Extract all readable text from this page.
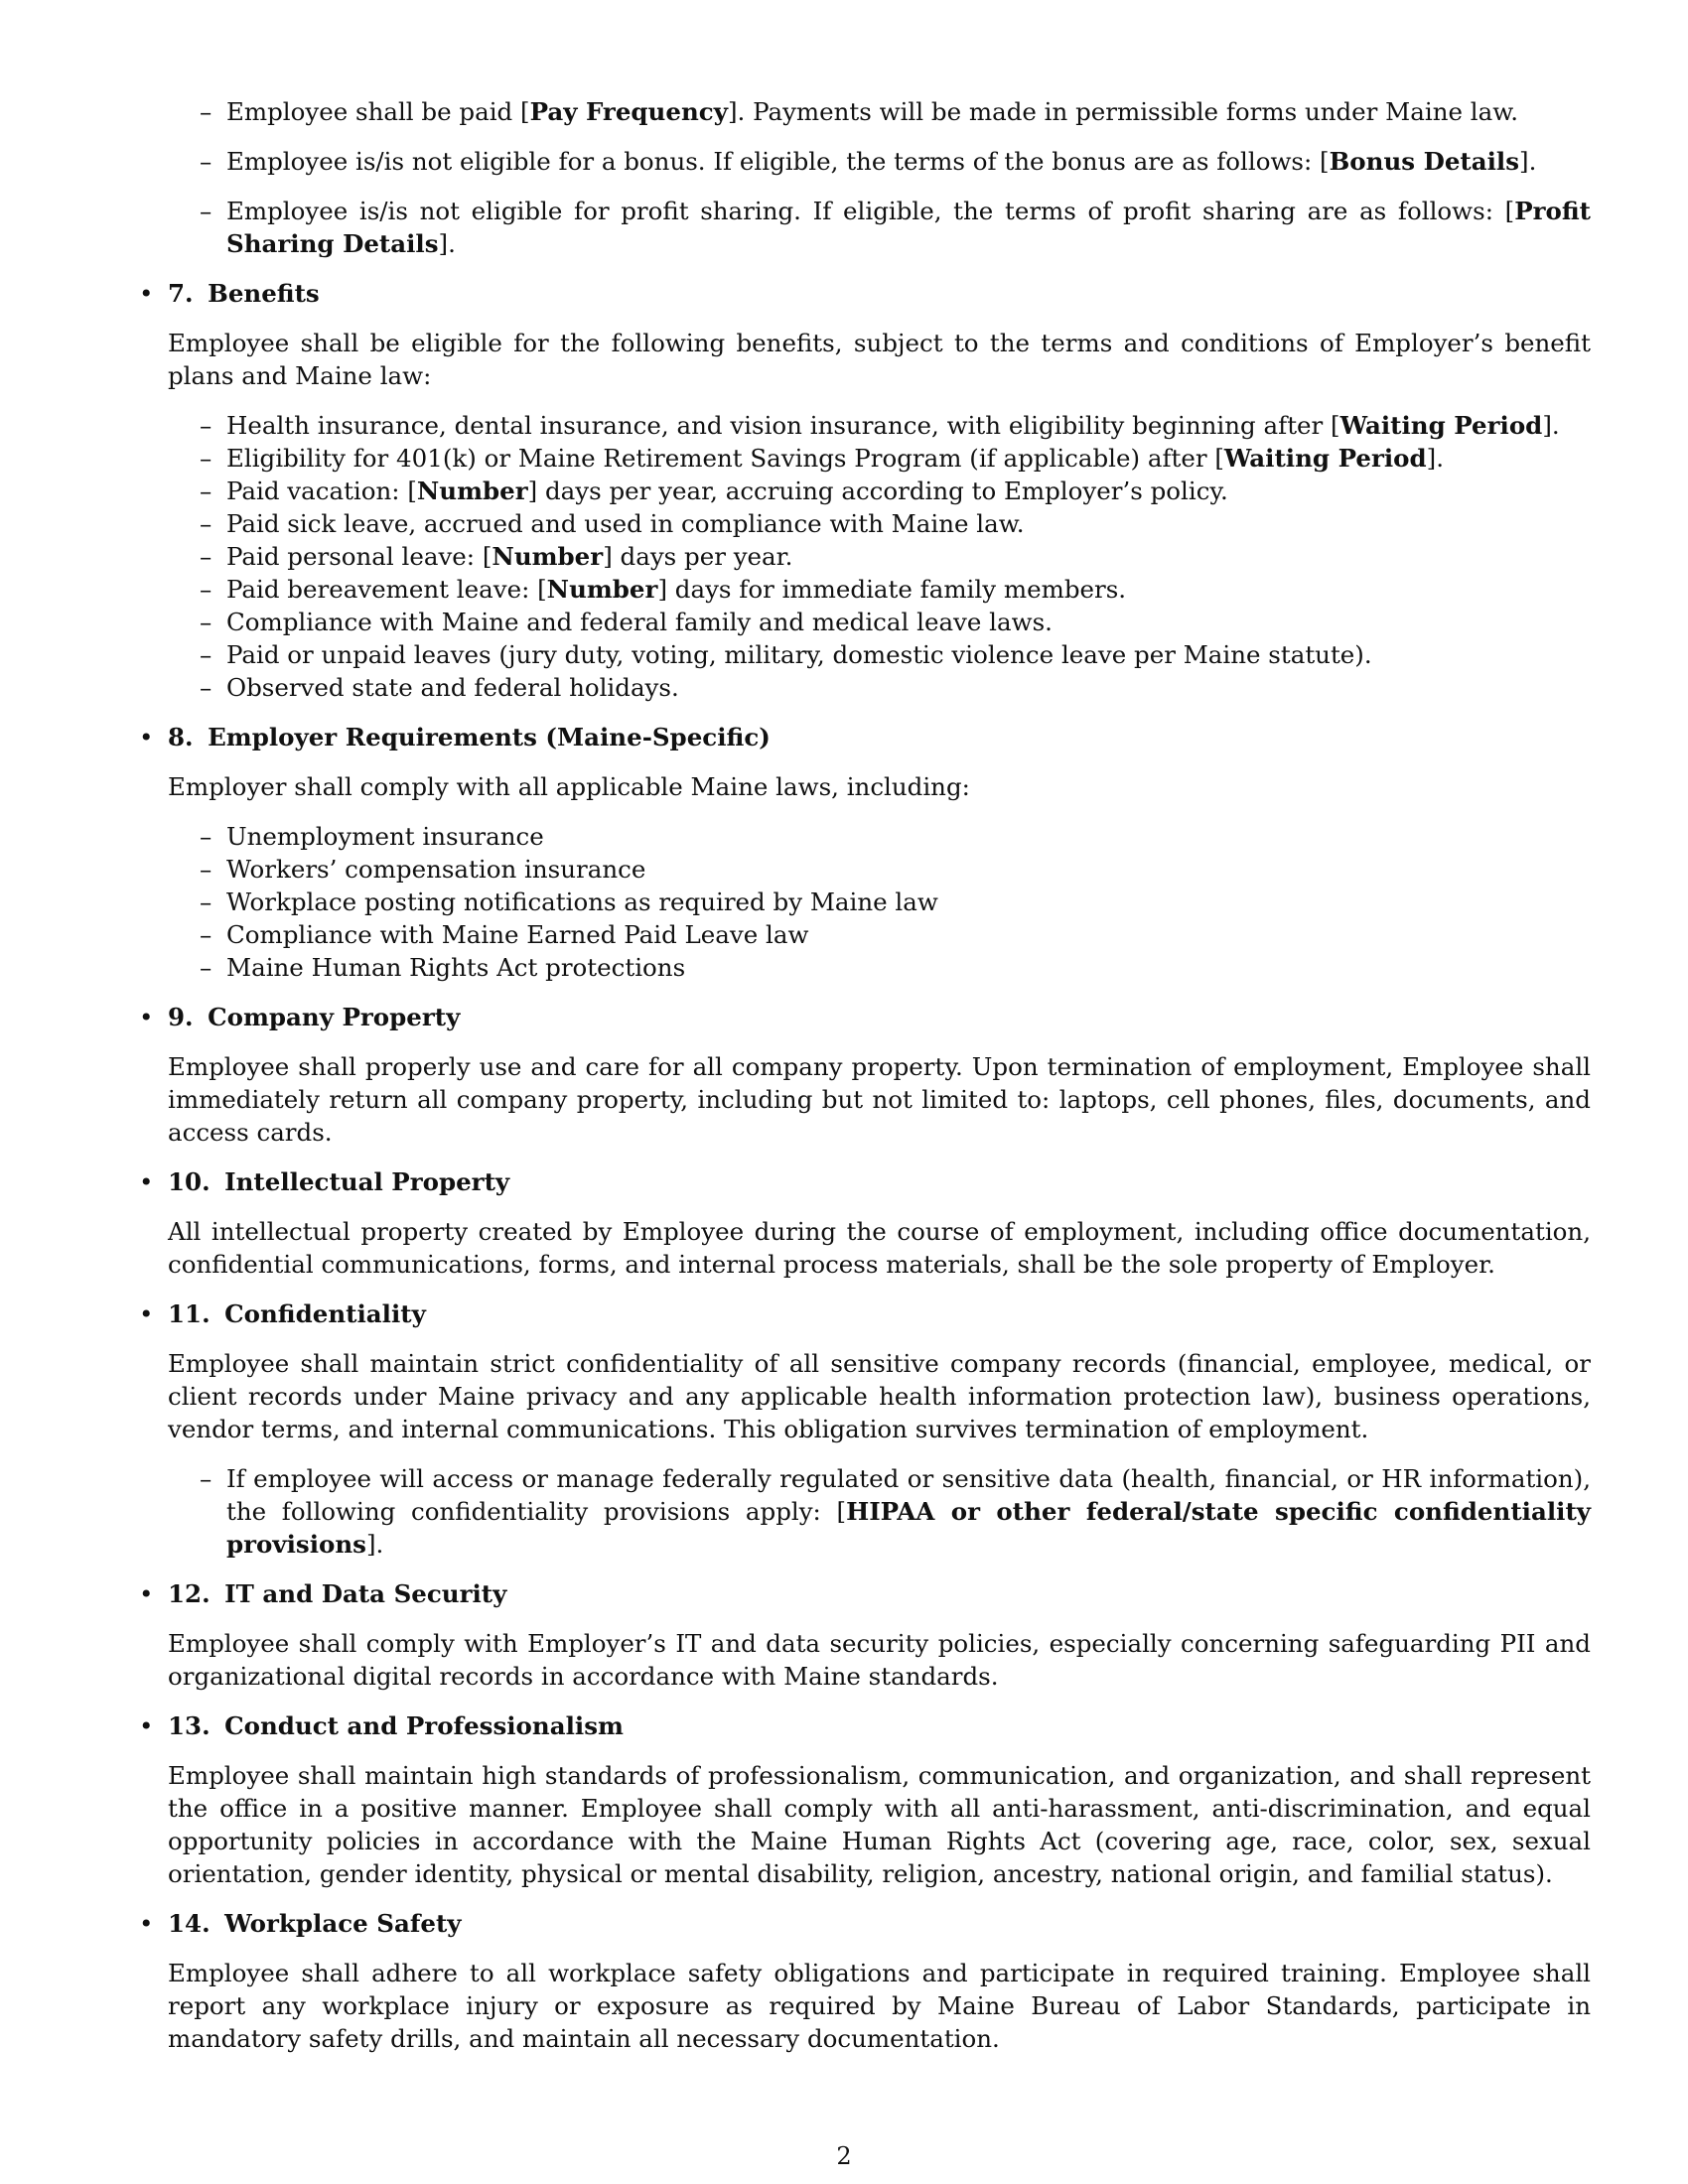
– Employee shall be paid [Pay Frequency]. Payments will be made in permissible forms under Maine law.

– Employee is/is not eligible for a bonus. If eligible, the terms of the bonus are as follows: [Bonus Details].

– Employee is/is not eligible for profit sharing. If eligible, the terms of profit sharing are as follows: [Profit Sharing Details].

• 7. Benefits

Employee shall be eligible for the following benefits, subject to the terms and conditions of Employer’s benefit plans and Maine law:

– Health insurance, dental insurance, and vision insurance, with eligibility beginning after [Waiting Period].

– Eligibility for 401(k) or Maine Retirement Savings Program (if applicable) after [Waiting Period].

– Paid vacation: [Number] days per year, accruing according to Employer’s policy.

– Paid sick leave, accrued and used in compliance with Maine law.

– Paid personal leave: [Number] days per year.

– Paid bereavement leave: [Number] days for immediate family members.

– Compliance with Maine and federal family and medical leave laws.

– Paid or unpaid leaves (jury duty, voting, military, domestic violence leave per Maine statute).

– Observed state and federal holidays.

• 8. Employer Requirements (Maine-Specific)

Employer shall comply with all applicable Maine laws, including:

– Unemployment insurance

– Workers’ compensation insurance

– Workplace posting notifications as required by Maine law

– Compliance with Maine Earned Paid Leave law

– Maine Human Rights Act protections

• 9. Company Property

Employee shall properly use and care for all company property. Upon termination of employment, Employee shall immediately return all company property, including but not limited to: laptops, cell phones, files, documents, and access cards.

• 10. Intellectual Property

All intellectual property created by Employee during the course of employment, including office documentation, confidential communications, forms, and internal process materials, shall be the sole property of Employer.

• 11. Confidentiality

Employee shall maintain strict confidentiality of all sensitive company records (financial, employee, medical, or client records under Maine privacy and any applicable health information protection law), business operations, vendor terms, and internal communications. This obligation survives termination of employment.

– If employee will access or manage federally regulated or sensitive data (health, financial, or HR information), the following confidentiality provisions apply: [HIPAA or other federal/state specific confidentiality provisions].

• 12. IT and Data Security

Employee shall comply with Employer’s IT and data security policies, especially concerning safeguarding PII and organizational digital records in accordance with Maine standards.

• 13. Conduct and Professionalism

Employee shall maintain high standards of professionalism, communication, and organization, and shall represent the office in a positive manner. Employee shall comply with all anti-harassment, anti-discrimination, and equal opportunity policies in accordance with the Maine Human Rights Act (covering age, race, color, sex, sexual orientation, gender identity, physical or mental disability, religion, ancestry, national origin, and familial status).

• 14. Workplace Safety

Employee shall adhere to all workplace safety obligations and participate in required training. Employee shall report any workplace injury or exposure as required by Maine Bureau of Labor Standards, participate in mandatory safety drills, and maintain all necessary documentation.

2
